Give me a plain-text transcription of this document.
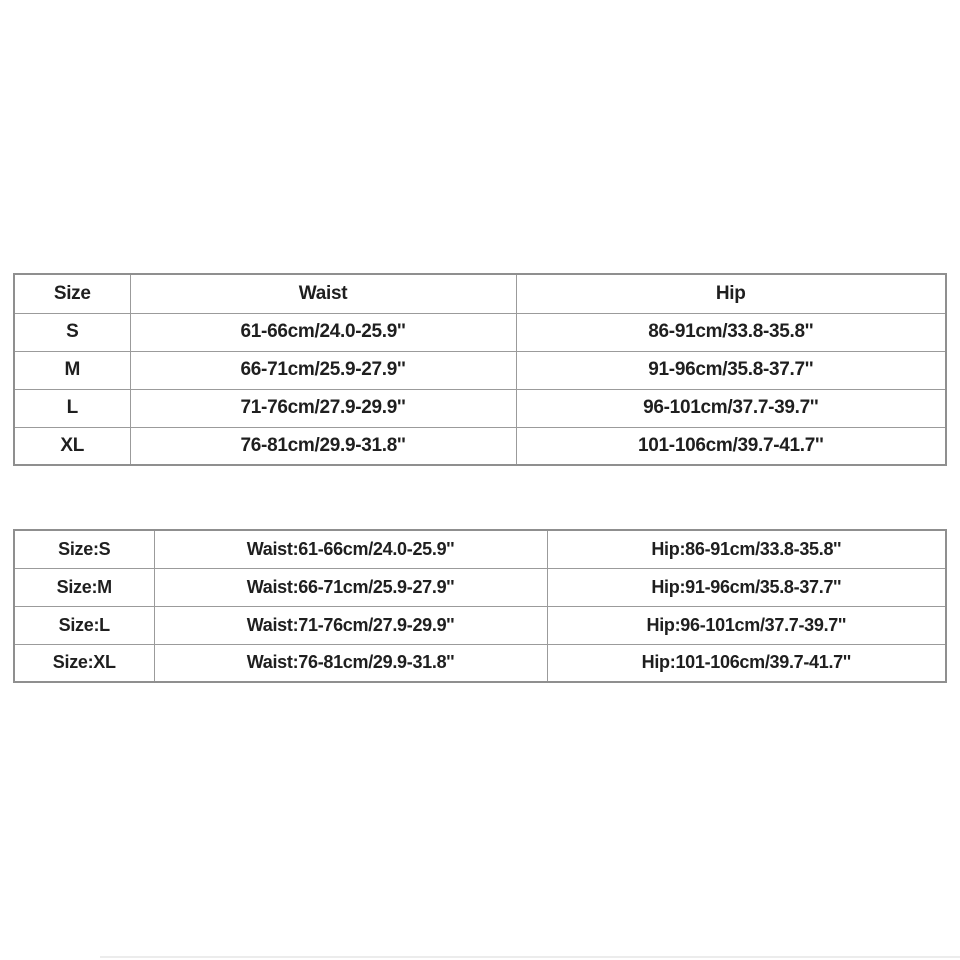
Size	Waist	Hip
S	61-66cm/24.0-25.9''	86-91cm/33.8-35.8''
M	66-71cm/25.9-27.9''	91-96cm/35.8-37.7''
L	71-76cm/27.9-29.9''	96-101cm/37.7-39.7''
XL	76-81cm/29.9-31.8''	101-106cm/39.7-41.7''
Size:S	Waist:61-66cm/24.0-25.9''	Hip:86-91cm/33.8-35.8''
Size:M	Waist:66-71cm/25.9-27.9''	Hip:91-96cm/35.8-37.7''
Size:L	Waist:71-76cm/27.9-29.9''	Hip:96-101cm/37.7-39.7''
Size:XL	Waist:76-81cm/29.9-31.8''	Hip:101-106cm/39.7-41.7''
